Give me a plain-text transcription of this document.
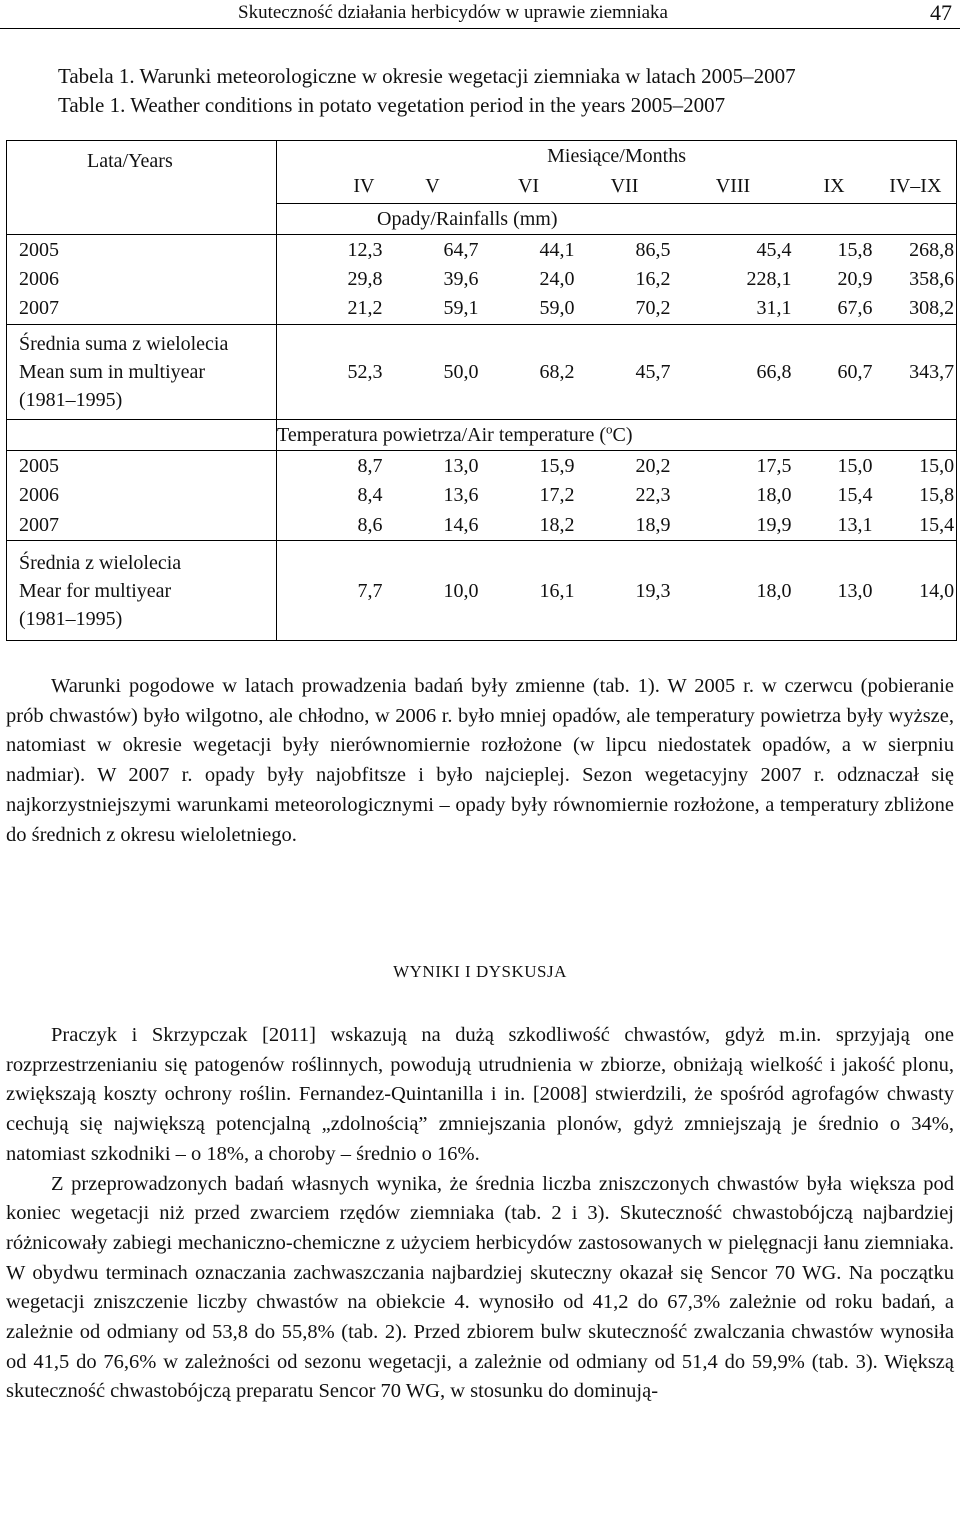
Skuteczność działania herbicydów w uprawie ziemniaka	47
Tabela 1. Warunki meteorologiczne w okresie wegetacji ziemniaka w latach 2005–2007
Table 1. Weather conditions in potato vegetation period in the years 2005–2007
Lata/Years	Miesiące/Months						
	IV	V	VI	VII	VIII	IX	IV–IX
	Opady/Rainfalls (mm)						
2005	12,3	64,7	44,1	86,5	45,4	15,8	268,8
2006	29,8	39,6	24,0	16,2	228,1	20,9	358,6
2007	21,2	59,1	59,0	70,2	31,1	67,6	308,2

Średnia suma z wielolecia
Mean sum in multiyear
(1981–1995)	52,3	50,0	68,2	45,7	66,8	60,7	343,7
	Temperatura powietrza/Air temperature ($^o$C)						
2005	8,7	13,0	15,9	20,2	17,5	15,0	15,0
2006	8,4	13,6	17,2	22,3	18,0	15,4	15,8
2007	8,6	14,6	18,2	18,9	19,9	13,1	15,4

Średnia z wielolecia
Mear for multiyear
(1981–1995)	7,7	10,0	16,1	19,3	18,0	13,0	14,0

Warunki pogodowe w latach prowadzenia badań były zmienne (tab. 1). W 2005 r. w czerwcu (pobieranie prób chwastów) było wilgotno, ale chłodno, w 2006 r. było mniej opadów, ale temperatury powietrza były wyższe, natomiast w okresie wegetacji były nierównomiernie rozłożone (w lipcu niedostatek opadów, a w sierpniu nadmiar). W 2007 r. opady były najobfitsze i było najcieplej. Sezon wegetacyjny 2007 r. odznaczał się najkorzystniejszymi warunkami meteorologicznymi – opady były równomiernie rozłożone, a temperatury zbliżone do średnich z okresu wieloletniego.

WYNIKI I DYSKUSJA

Praczyk i Skrzypczak [2011] wskazują na dużą szkodliwość chwastów, gdyż m.in. sprzyjają one rozprzestrzenianiu się patogenów roślinnych, powodują utrudnienia w zbiorze, obniżają wielkość i jakość plonu, zwiększają koszty ochrony roślin. Fernandez-Quintanilla i in. [2008] stwierdzili, że spośród agrofagów chwasty cechują się największą potencjalną „zdolnością” zmniejszania plonów, gdyż zmniejszają je średnio o 34%, natomiast szkodniki – o 18%, a choroby – średnio o 16%.

Z przeprowadzonych badań własnych wynika, że średnia liczba zniszczonych chwastów była większa pod koniec wegetacji niż przed zwarciem rzędów ziemniaka (tab. 2 i 3). Skuteczność chwastobójczą najbardziej różnicowały zabiegi mechaniczno-chemiczne z użyciem herbicydów zastosowanych w pielęgnacji łanu ziemniaka. W obydwu terminach oznaczania zachwaszczania najbardziej skuteczny okazał się Sencor 70 WG. Na początku wegetacji zniszczenie liczby chwastów na obiekcie 4. wynosiło od 41,2 do 67,3% zależnie od roku badań, a zależnie od odmiany od 53,8 do 55,8% (tab. 2). Przed zbiorem bulw skuteczność zwalczania chwastów wynosiła od 41,5 do 76,6% w zależności od sezonu wegetacji, a zależnie od odmiany od 51,4 do 59,9% (tab. 3). Większą skuteczność chwastobójczą preparatu Sencor 70 WG, w stosunku do dominują-
